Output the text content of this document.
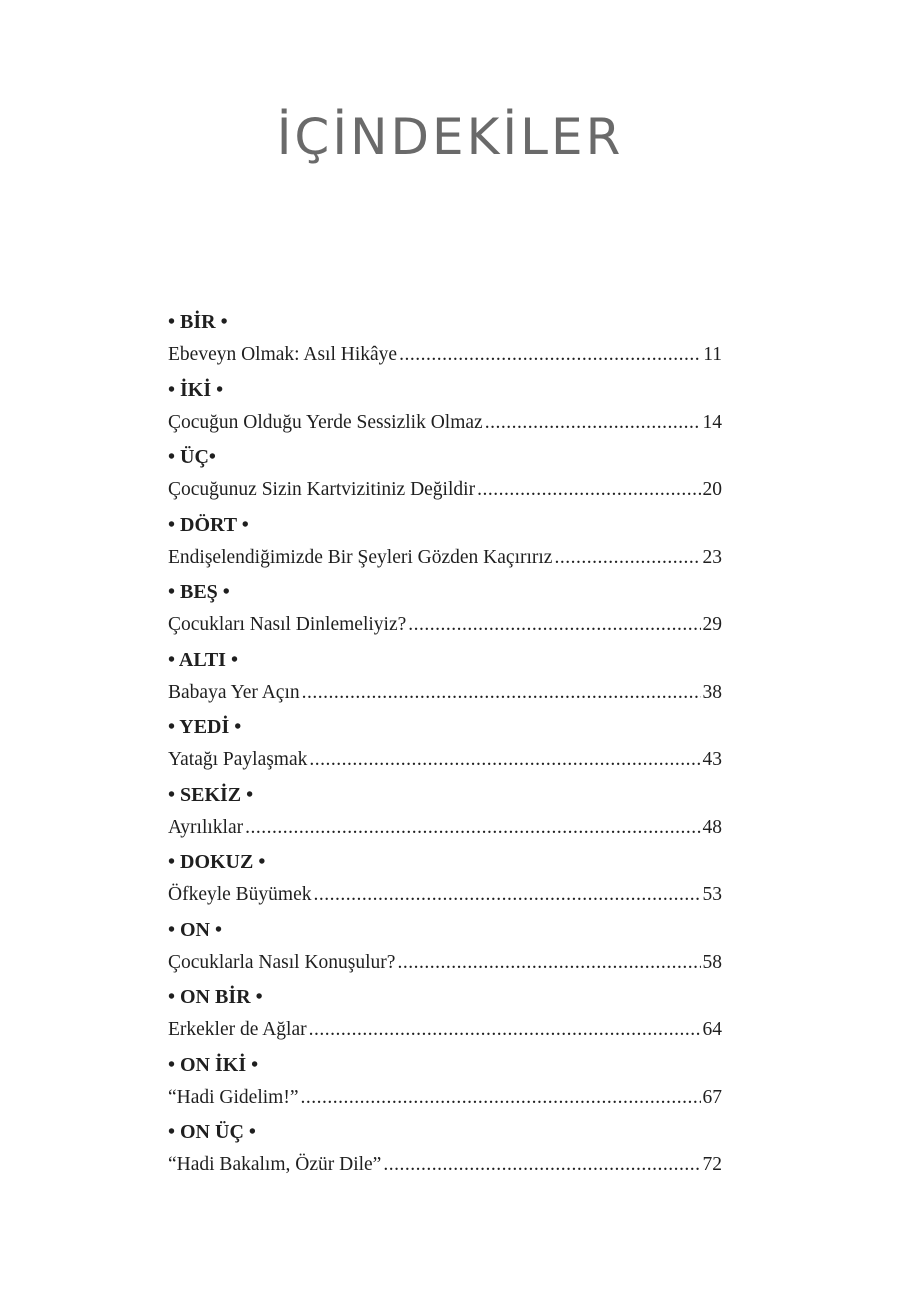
İÇİNDEKİLER
• BİR •
Ebeveyn Olmak: Asıl Hikâye .....	11
• İKİ •
Çocuğun Olduğu Yerde Sessizlik Olmaz .....	14
• ÜÇ•
Çocuğunuz Sizin Kartvizitiniz Değildir .....	20
• DÖRT •
Endişelendiğimizde Bir Şeyleri Gözden Kaçırırız .....	23
• BEŞ •
Çocukları Nasıl Dinlemeliyiz? .....	29
• ALTI •
Babaya Yer Açın .....	38
• YEDİ •
Yatağı Paylaşmak .....	43
• SEKİZ •
Ayrılıklar .....	48
• DOKUZ •
Öfkeyle Büyümek .....	53
• ON •
Çocuklarla Nasıl Konuşulur? .....	58
• ON BİR •
Erkekler de Ağlar .....	64
• ON İKİ •
“Hadi Gidelim!” .....	67
• ON ÜÇ •
“Hadi Bakalım, Özür Dile” .....	72
